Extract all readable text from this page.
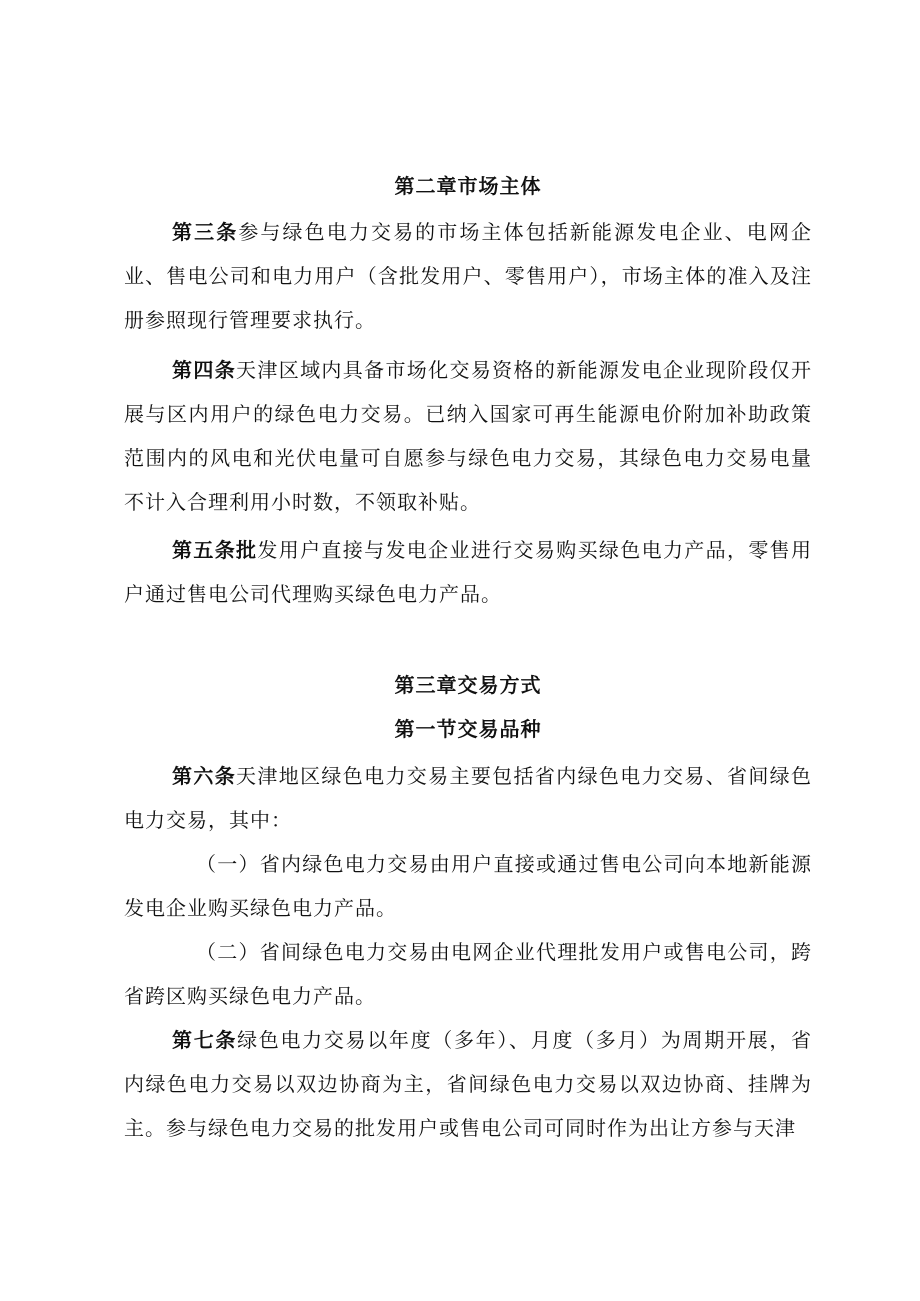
第二章市场主体
第三条参与绿色电力交易的市场主体包括新能源发电企业、电网企业、售电公司和电力用户（含批发用户、零售用户），市场主体的准入及注册参照现行管理要求执行。
第四条天津区域内具备市场化交易资格的新能源发电企业现阶段仅开展与区内用户的绿色电力交易。已纳入国家可再生能源电价附加补助政策范围内的风电和光伏电量可自愿参与绿色电力交易，其绿色电力交易电量不计入合理利用小时数，不领取补贴。
第五条批发用户直接与发电企业进行交易购买绿色电力产品，零售用户通过售电公司代理购买绿色电力产品。
第三章交易方式
第一节交易品种
第六条天津地区绿色电力交易主要包括省内绿色电力交易、省间绿色电力交易，其中：
（一）省内绿色电力交易由用户直接或通过售电公司向本地新能源发电企业购买绿色电力产品。
（二）省间绿色电力交易由电网企业代理批发用户或售电公司，跨省跨区购买绿色电力产品。
第七条绿色电力交易以年度（多年）、月度（多月）为周期开展，省内绿色电力交易以双边协商为主，省间绿色电力交易以双边协商、挂牌为主。参与绿色电力交易的批发用户或售电公司可同时作为出让方参与天津
